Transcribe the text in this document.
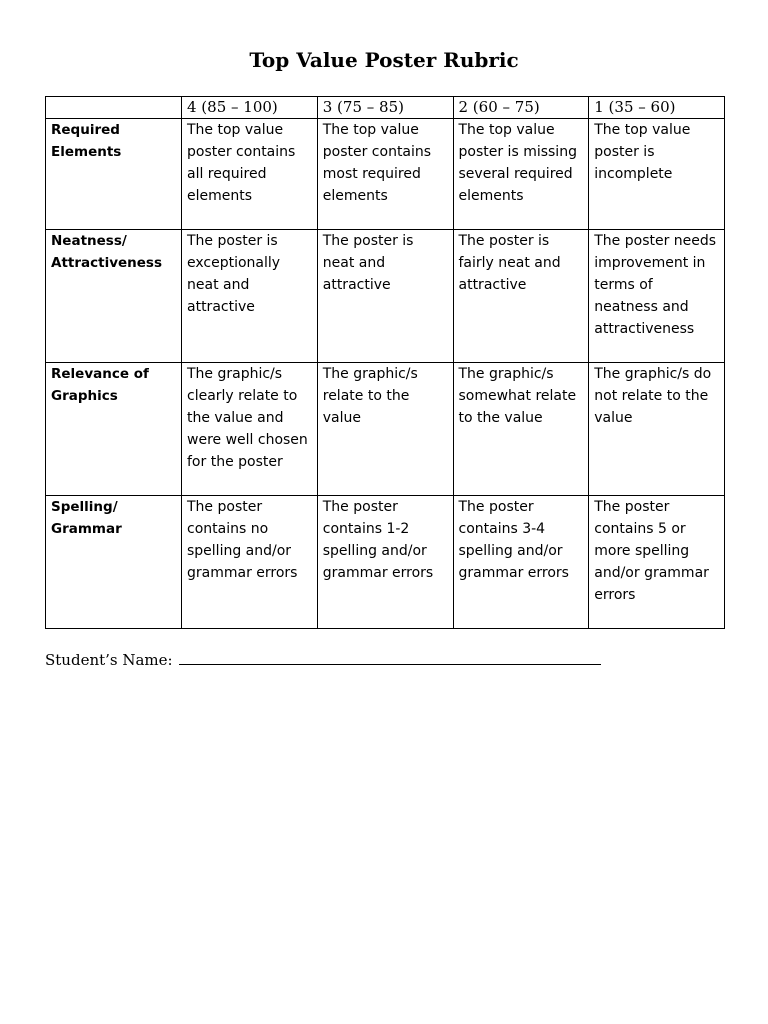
Top Value Poster Rubric
	4 (85 – 100)	3 (75 – 85)	2 (60 – 75)	1 (35 – 60)
Required Elements	The top value poster contains all required elements	The top value poster contains most required elements	The top value poster is missing several required elements	The top value poster is incomplete
Neatness/ Attractiveness	The poster is exceptionally neat and attractive	The poster is neat and attractive	The poster is fairly neat and attractive	The poster needs improvement in terms of neatness and attractiveness
Relevance of Graphics	The graphic/s clearly relate to the value and were well chosen for the poster	The graphic/s relate to the value	The graphic/s somewhat relate to the value	The graphic/s do not relate to the value
Spelling/ Grammar	The poster contains no spelling and/or grammar errors	The poster contains 1-2 spelling and/or grammar errors	The poster contains 3-4 spelling and/or grammar errors	The poster contains 5 or more spelling and/or grammar errors
Student’s Name:
